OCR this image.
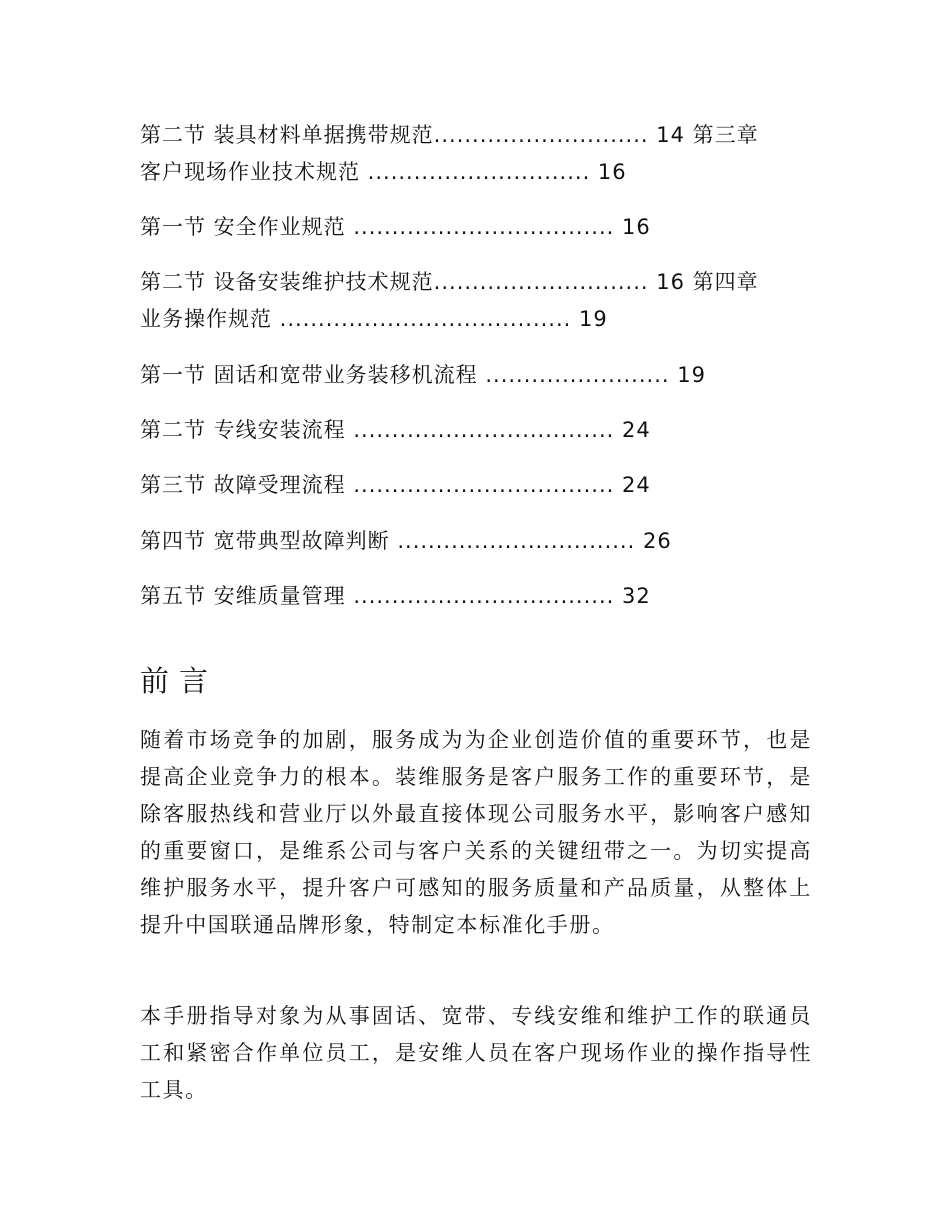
第二节 装具材料单据携带规范............................ 14 第三章
客户现场作业技术规范 ............................. 16
第一节 安全作业规范 .................................. 16
第二节 设备安装维护技术规范............................ 16 第四章
业务操作规范 ...................................... 19
第一节 固话和宽带业务装移机流程 ........................ 19
第二节 专线安装流程 .................................. 24
第三节 故障受理流程 .................................. 24
第四节 宽带典型故障判断 ............................... 26
第五节 安维质量管理 .................................. 32
前言
随着市场竞争的加剧，服务成为为企业创造价值的重要环节，也是提高企业竞争力的根本。装维服务是客户服务工作的重要环节，是除客服热线和营业厅以外最直接体现公司服务水平，影响客户感知的重要窗口，是维系公司与客户关系的关键纽带之一。为切实提高维护服务水平，提升客户可感知的服务质量和产品质量，从整体上提升中国联通品牌形象，特制定本标准化手册。
本手册指导对象为从事固话、宽带、专线安维和维护工作的联通员工和紧密合作单位员工，是安维人员在客户现场作业的操作指导性工具。
